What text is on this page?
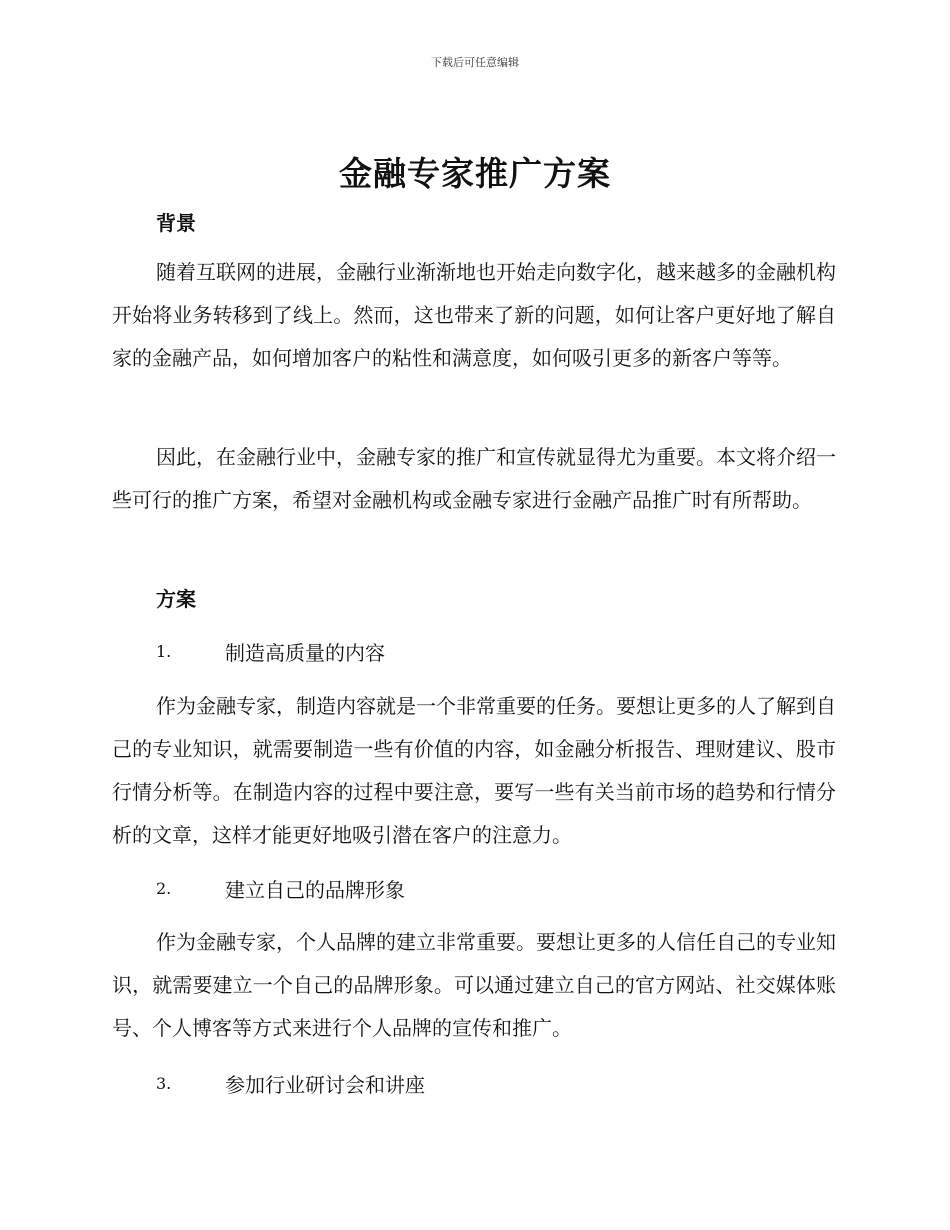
下载后可任意编辑
金融专家推广方案
背景

随着互联网的进展，金融行业渐渐地也开始走向数字化，越来越多的金融机构开始将业务转移到了线上。然而，这也带来了新的问题，如何让客户更好地了解自家的金融产品，如何增加客户的粘性和满意度，如何吸引更多的新客户等等。

因此，在金融行业中，金融专家的推广和宣传就显得尤为重要。本文将介绍一些可行的推广方案，希望对金融机构或金融专家进行金融产品推广时有所帮助。

方案
1.	制造高质量的内容

作为金融专家，制造内容就是一个非常重要的任务。要想让更多的人了解到自己的专业知识，就需要制造一些有价值的内容，如金融分析报告、理财建议、股市行情分析等。在制造内容的过程中要注意，要写一些有关当前市场的趋势和行情分析的文章，这样才能更好地吸引潜在客户的注意力。

2.	建立自己的品牌形象

作为金融专家，个人品牌的建立非常重要。要想让更多的人信任自己的专业知识，就需要建立一个自己的品牌形象。可以通过建立自己的官方网站、社交媒体账号、个人博客等方式来进行个人品牌的宣传和推广。

3.	参加行业研讨会和讲座
